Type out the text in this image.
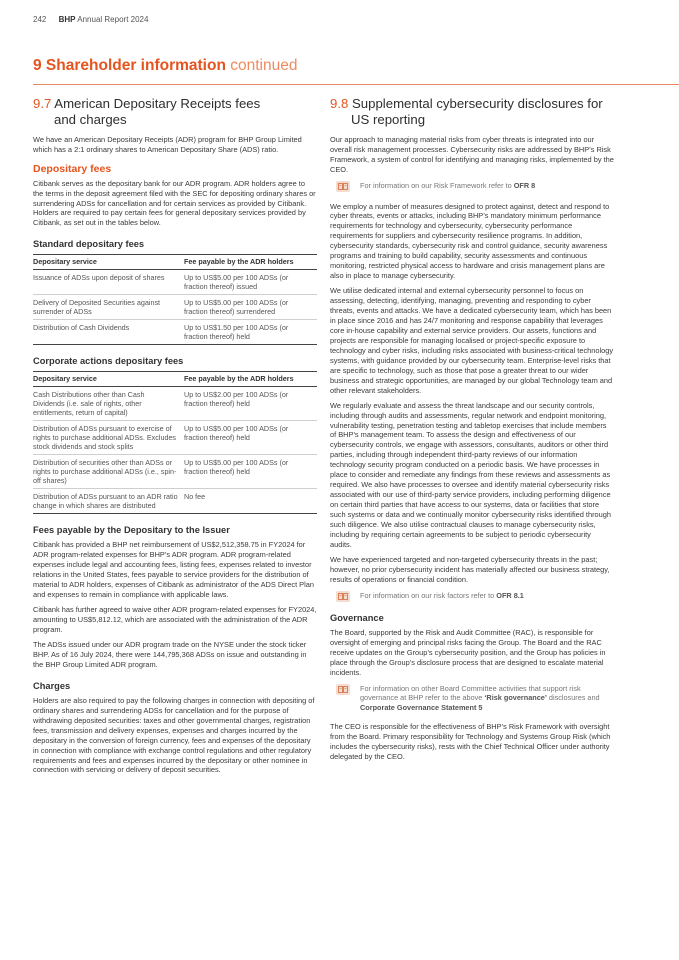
242 BHP Annual Report 2024
9 Shareholder information continued
9.7 American Depositary Receipts fees
and charges

We have an American Depositary Receipts (ADR) program for BHP Group Limited which has a 2:1 ordinary shares to American Depositary Share (ADS) ratio.

Depositary fees

Citibank serves as the depositary bank for our ADR program. ADR holders agree to the terms in the deposit agreement filed with the SEC for depositing ordinary shares or surrendering ADSs for cancellation and for certain services as provided by Citibank. Holders are required to pay certain fees for general depositary services provided by Citibank, as set out in the tables below.

Standard depositary fees
Depositary service	Fee payable by the ADR holders
Issuance of ADSs upon deposit of shares	Up to US$5.00 per 100 ADSs (or fraction thereof) issued
Delivery of Deposited Securities against surrender of ADSs	Up to US$5.00 per 100 ADSs (or fraction thereof) surrendered
Distribution of Cash Dividends	Up to US$1.50 per 100 ADSs (or fraction thereof) held
Corporate actions depositary fees
Depositary service	Fee payable by the ADR holders
Cash Distributions other than Cash Dividends (i.e. sale of rights, other entitlements, return of capital)	Up to US$2.00 per 100 ADSs (or fraction thereof) held
Distribution of ADSs pursuant to exercise of rights to purchase additional ADSs. Excludes stock dividends and stock splits	Up to US$5.00 per 100 ADSs (or fraction thereof) held
Distribution of securities other than ADSs or rights to purchase additional ADSs (i.e., spin-off shares)	Up to US$5.00 per 100 ADSs (or fraction thereof) held
Distribution of ADSs pursuant to an ADR ratio change in which shares are distributed	No fee
Fees payable by the Depositary to the Issuer

Citibank has provided a BHP net reimbursement of US$2,512,358.75 in FY2024 for ADR program-related expenses for BHP’s ADR program. ADR program-related expenses include legal and accounting fees, listing fees, expenses related to investor relations in the United States, fees payable to service providers for the distribution of material to ADR holders, expenses of Citibank as administrator of the ADS Direct Plan and expenses to remain in compliance with applicable laws.

Citibank has further agreed to waive other ADR program-related expenses for FY2024, amounting to US$5,812.12, which are associated with the administration of the ADR program.

The ADSs issued under our ADR program trade on the NYSE under the stock ticker BHP. As of 16 July 2024, there were 144,795,368 ADSs on issue and outstanding in the BHP Group Limited ADR program.

Charges

Holders are also required to pay the following charges in connection with depositing of ordinary shares and surrendering ADSs for cancellation and for the purpose of withdrawing deposited securities: taxes and other governmental charges, registration fees, transmission and delivery expenses, expenses and charges incurred by the depositary in the conversion of foreign currency, fees and expenses of the depositary in connection with compliance with exchange control regulations and other regulatory requirements and fees and expenses incurred by the depositary or other nominee in connection with servicing or delivery of deposit securities.

9.8 Supplemental cybersecurity disclosures for
US reporting

Our approach to managing material risks from cyber threats is integrated into our overall risk management processes. Cybersecurity risks are addressed by BHP’s Risk Framework, a system of control for identifying and managing risks, implemented by the CEO.

For information on our Risk Framework refer to OFR 8

We employ a number of measures designed to protect against, detect and respond to cyber threats, events or attacks, including BHP’s mandatory minimum performance requirements for technology and cybersecurity, cybersecurity performance requirements for suppliers and cybersecurity resilience programs. In addition, cybersecurity standards, cybersecurity risk and control guidance, security awareness programs and training to build capability, security assessments and continuous monitoring, restricted physical access to hardware and crisis management plans are also in place to manage cybersecurity.

We utilise dedicated internal and external cybersecurity personnel to focus on assessing, detecting, identifying, managing, preventing and responding to cyber threats, events and attacks. We have a dedicated cybersecurity team, which has been in place since 2016 and has 24/7 monitoring and response capability that leverages core in-house capability and external service providers. Our assets, functions and projects are responsible for managing localised or project-specific exposure to technology and cyber risks, including risks associated with business-critical technology systems, with guidance provided by our cybersecurity team. Enterprise-level risks that are specific to technology, such as those that pose a greater threat to our wider business and strategic opportunities, are managed by our global Technology team and other relevant stakeholders.

We regularly evaluate and assess the threat landscape and our security controls, including through audits and assessments, regular network and endpoint monitoring, vulnerability testing, penetration testing and tabletop exercises that include members of BHP’s management team. To assess the design and effectiveness of our cybersecurity controls, we engage with assessors, consultants, auditors or other third parties, including through independent third-party reviews of our information technology security program conducted on a periodic basis. We have processes in place to consider and remediate any findings from these reviews and assessments as required. We also have processes to oversee and identify material cybersecurity risks associated with our use of third-party service providers, including performing diligence on certain third parties that have access to our systems, data or facilities that store such systems or data and we continually monitor cybersecurity risks identified through such diligence. We also utilise contractual clauses to manage cybersecurity risks, including by requiring certain agreements to be subject to periodic cybersecurity audits.

We have experienced targeted and non-targeted cybersecurity threats in the past; however, no prior cybersecurity incident has materially affected our business strategy, results of operations or financial condition.

For information on our risk factors refer to OFR 8.1
Governance

The Board, supported by the Risk and Audit Committee (RAC), is responsible for oversight of emerging and principal risks facing the Group. The Board and the RAC receive updates on the Group’s cybersecurity position, and the Group has policies in place through the Group’s disclosure process that are designed to escalate material incidents.

For information on other Board Committee activities that support risk governance at BHP refer to the above ‘Risk governance’ disclosures and Corporate Governance Statement 5

The CEO is responsible for the effectiveness of BHP’s Risk Framework with oversight from the Board. Primary responsibility for Technology and Systems Group Risk (which includes the cybersecurity risks), rests with the Chief Technical Officer under authority delegated by the CEO.
